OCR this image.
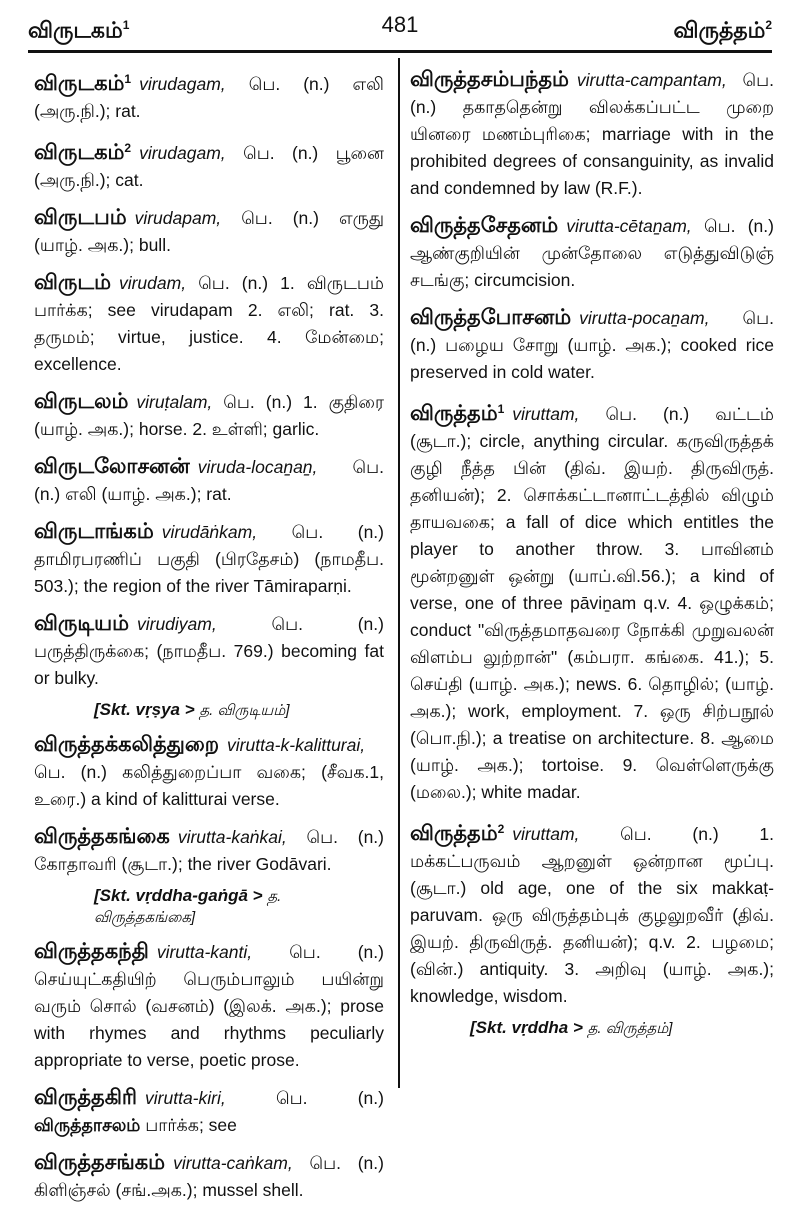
விருடகம்$^1$	481	விருத்தம்$^2$
விருடகம்$^1$ virudagam, பெ. (n.) எலி (அரு.நி.); rat.
விருடகம்$^2$ virudagam, பெ. (n.) பூனை (அரு.நி.); cat.
விருடபம் virudapam, பெ. (n.) எருது (யாழ். அக.); bull.
விருடம் virudam, பெ. (n.) 1. விருடபம் பார்க்க; see virudapam 2. எலி; rat. 3. தருமம்; virtue, justice. 4. மேன்மை; excellence.
விருடலம் viruṭalam, பெ. (n.) 1. குதிரை (யாழ். அக.); horse. 2. உள்ளி; garlic.
விருடலோசனன் viruda-locaṉaṉ, பெ. (n.) எலி (யாழ். அக.); rat.
விருடாங்கம் virudāṅkam, பெ. (n.) தாமிரபரணிப் பகுதி (பிரதேசம்) (நாமதீப. 503.); the region of the river Tāmiraparṇi.
விருடியம் virudiyam,	பெ. (n.) பருத்திருக்கை; (நாமதீப. 769.) becoming fat or bulky.
[Skt. vṛṣya > த. விருடியம்]
விருத்தக்கலித்துறை virutta-k-kalitturai, பெ. (n.) கலித்துறைப்பா வகை; (சீவக.1, உரை.) a kind of kalitturai verse.
விருத்தகங்கை virutta-kaṅkai, பெ. (n.) கோதாவரி (சூடா.); the river Godāvari.
[Skt. vṛddha-gaṅgā > த. விருத்தகங்கை]
விருத்தகந்தி virutta-kanti, பெ. (n.) செய்யுட்கதியிற் பெரும்பாலும் பயின்று வரும் சொல் (வசனம்) (இலக். அக.); prose with rhymes and rhythms peculiarly appropriate to verse, poetic prose.
விருத்தகிரி virutta-kiri,	பெ. (n.) விருத்தாசலம் பார்க்க; see
விருத்தசங்கம் virutta-caṅkam, பெ. (n.) கிளிஞ்சல் (சங்.அக.); mussel shell.
விருத்தசம்பந்தம் virutta-campantam, பெ. (n.) தகாததென்று விலக்கப்பட்ட முறை யினரை மணம்புரிகை; marriage with in the prohibited degrees of consanguinity, as invalid and condemned by law (R.F.).
விருத்தசேதனம் virutta-cētaṉam, பெ. (n.) ஆண்குறியின் முன்தோலை எடுத்துவிடுஞ் சடங்கு; circumcision.
விருத்தபோசனம் virutta-pocaṉam, பெ. (n.) பழைய சோறு (யாழ். அக.); cooked rice preserved in cold water.
விருத்தம்$^1$ viruttam, பெ. (n.) வட்டம் (சூடா.); circle, anything circular. கருவிருத்தக் குழி நீத்த பின் (திவ். இயற். திருவிருத். தனியன்); 2. சொக்கட்டானாட்டத்தில் விழும் தாயவகை; a fall of dice which entitles the player to another throw. 3. பாவினம் மூன்றனுள் ஒன்று (யாப்.வி.56.); a kind of verse, one of three pāviṉam q.v. 4. ஒழுக்கம்; conduct "விருத்தமாதவரை நோக்கி முறுவலன் விளம்ப லுற்றான்" (கம்பரா. கங்கை. 41.); 5. செய்தி (யாழ். அக.); news. 6. தொழில்; (யாழ். அக.); work, employment. 7. ஒரு சிற்பநூல் (பொ.நி.); a treatise on architecture. 8. ஆமை (யாழ். அக.); tortoise. 9. வெள்ளெருக்கு (மலை.); white madar.
விருத்தம்$^2$ viruttam, பெ. (n.) 1. மக்கட்பருவம் ஆறனுள் ஒன்றான மூப்பு. (சூடா.) old age, one of the six makkaṭ-paruvam. ஒரு விருத்தம்புக் குழலுறவீர் (திவ். இயற். திருவிருத். தனியன்); q.v. 2. பழமை; (வின்.) antiquity. 3. அறிவு (யாழ். அக.); knowledge, wisdom.
[Skt. vṛddha > த. விருத்தம்]
